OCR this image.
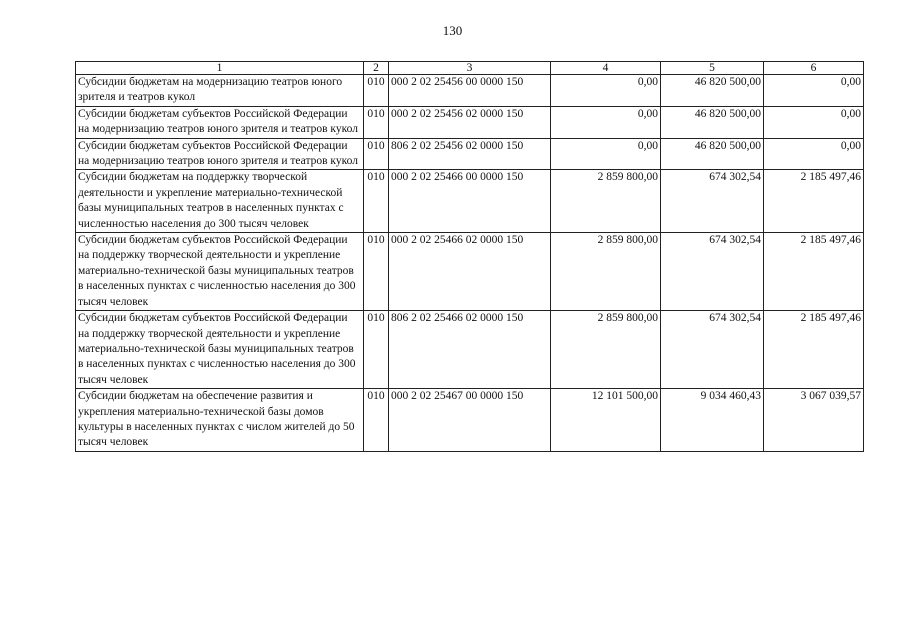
130
1	2	3	4	5	6
Субсидии бюджетам на модернизацию театров юного зрителя и театров кукол	010	000 2 02 25456 00 0000 150	0,00	46 820 500,00	0,00
Субсидии бюджетам субъектов Российской Федерации на модернизацию театров юного зрителя и театров кукол	010	000 2 02 25456 02 0000 150	0,00	46 820 500,00	0,00
Субсидии бюджетам субъектов Российской Федерации на модернизацию театров юного зрителя и театров кукол	010	806 2 02 25456 02 0000 150	0,00	46 820 500,00	0,00
Субсидии бюджетам на поддержку творческой деятельности и укрепление материально-технической базы муниципальных театров в населенных пунктах с численностью населения до 300 тысяч человек	010	000 2 02 25466 00 0000 150	2 859 800,00	674 302,54	2 185 497,46
Субсидии бюджетам субъектов Российской Федерации на поддержку творческой деятельности и укрепление материально-технической базы муниципальных театров в населенных пунктах с численностью населения до 300 тысяч человек	010	000 2 02 25466 02 0000 150	2 859 800,00	674 302,54	2 185 497,46
Субсидии бюджетам субъектов Российской Федерации на поддержку творческой деятельности и укрепление материально-технической базы муниципальных театров в населенных пунктах с численностью населения до 300 тысяч человек	010	806 2 02 25466 02 0000 150	2 859 800,00	674 302,54	2 185 497,46
Субсидии бюджетам на обеспечение развития и укрепления материально-технической базы домов культуры в населенных пунктах с числом жителей до 50 тысяч человек	010	000 2 02 25467 00 0000 150	12 101 500,00	9 034 460,43	3 067 039,57
